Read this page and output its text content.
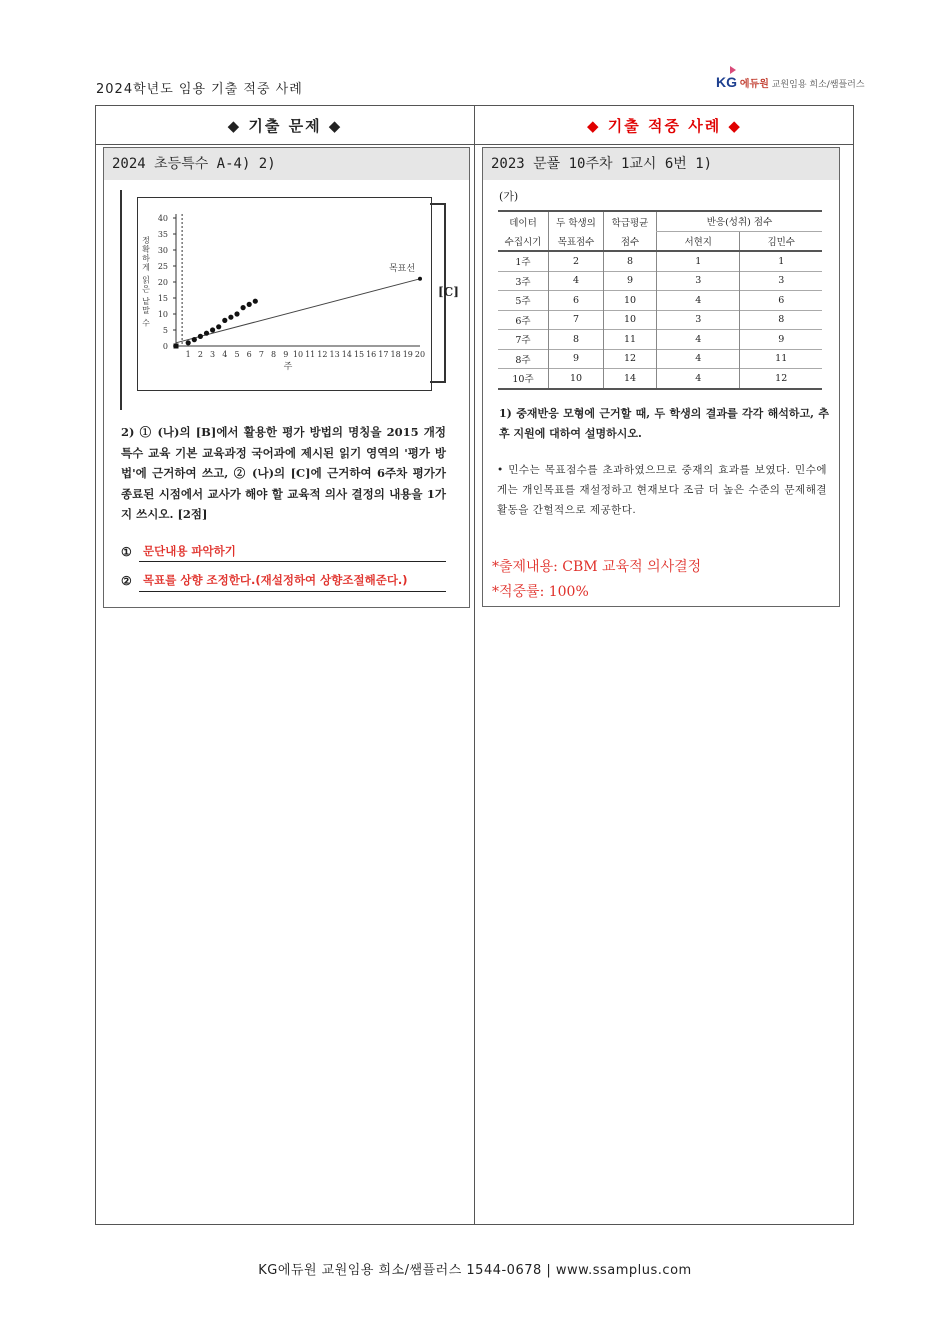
2024학년도 임용 기출 적중 사례	KG 에듀원 교원임용 희소/쌤플러스
◆ 기출 문제 ◆	◆ 기출 적중 사례 ◆
2024 초등특수 A-4) 2)
0
5
10
15
20
25
30
35
40
1 2 3 4 5 6 7 8 9 10 11 12 13 14 15 16 17 18 19 20
주
정확하게 읽은 낱말 수	목표선
[C]
2) ① (나)의 [B]에서 활용한 평가 방법의 명칭을 2015 개정 특수 교육 기본 교육과정 국어과에 제시된 읽기 영역의 '평가 방법'에 근거하여 쓰고, ② (나)의 [C]에 근거하여 6주차 평가가 종료된 시점에서 교사가 해야 할 교육적 의사 결정의 내용을 1가지 쓰시오. [2점]
① 문단내용 파악하기
② 목표를 상향 조정한다.(재설정하여 상향조절해준다.)
2023 문풀 10주차 1교시 6번 1)
(가)
데이터	두 학생의	학급평균	반응(성취) 점수	
수집시기	목표점수	점수	서현지	김민수
1주	2	8	1	1
3주	4	9	3	3
5주	6	10	4	6
6주	7	10	3	8
7주	8	11	4	9
8주	9	12	4	11
10주	10	14	4	12
1) 중재반응 모형에 근거할 때, 두 학생의 결과를 각각 해석하고, 추후 지원에 대하여 설명하시오.
• 민수는 목표점수를 초과하였으므로 중재의 효과를 보였다. 민수에게는 개인목표를 재설정하고 현재보다 조금 더 높은 수준의 문제해결 활동을 간헐적으로 제공한다.
*출제내용: CBM 교육적 의사결정
*적중률: 100%
KG에듀원 교원임용 희소/쌤플러스 1544-0678 | www.ssamplus.com
